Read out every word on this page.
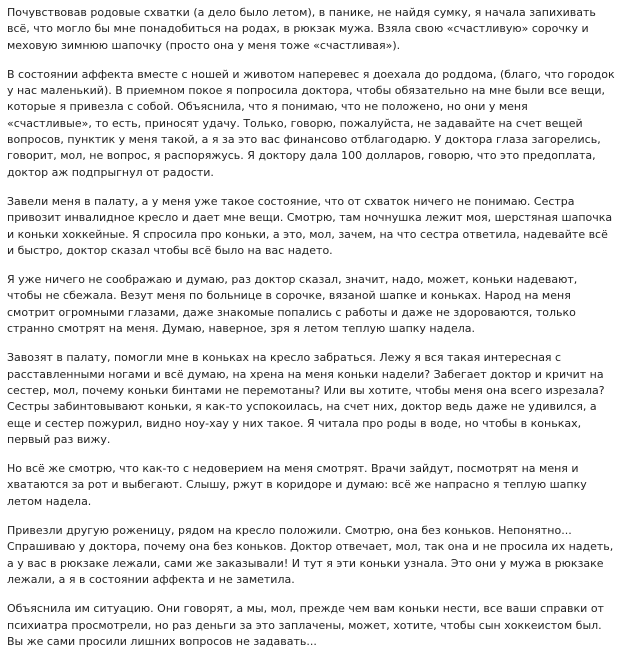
Почувствовав родовые схватки (а дело было летом), в панике, не найдя сумку, я начала запихивать всё, что могло бы мне понадобиться на родах, в рюкзак мужа. Взяла свою «счастливую» сорочку и меховую зимнюю шапочку (просто она у меня тоже «счастливая»).

В состоянии аффекта вместе с ношей и животом наперевес я доехала до роддома, (благо, что городок у нас маленький). В приемном покое я попросила доктора, чтобы обязательно на мне были все вещи, которые я привезла с собой. Объяснила, что я понимаю, что не положено, но они у меня «счастливые», то есть, приносят удачу. Только, говорю, пожалуйста, не задавайте на счет вещей вопросов, пунктик у меня такой, а я за это вас финансово отблагодарю. У доктора глаза загорелись, говорит, мол, не вопрос, я распоряжусь. Я доктору дала 100 долларов, говорю, что это предоплата, доктор аж подпрыгнул от радости.

Завели меня в палату, а у меня уже такое состояние, что от схваток ничего не понимаю. Сестра привозит инвалидное кресло и дает мне вещи. Смотрю, там ночнушка лежит моя, шерстяная шапочка и коньки хоккейные. Я спросила про коньки, а это, мол, зачем, на что сестра ответила, надевайте всё и быстро, доктор сказал чтобы всё было на вас надето.

Я уже ничего не соображаю и думаю, раз доктор сказал, значит, надо, может, коньки надевают, чтобы не сбежала. Везут меня по больнице в сорочке, вязаной шапке и коньках. Народ на меня смотрит огромными глазами, даже знакомые попались с работы и даже не здороваются, только странно смотрят на меня. Думаю, наверное, зря я летом теплую шапку надела.

Завозят в палату, помогли мне в коньках на кресло забраться. Лежу я вся такая интересная с расставленными ногами и всё думаю, на хрена на меня коньки надели? Забегает доктор и кричит на сестер, мол, почему коньки бинтами не перемотаны? Или вы хотите, чтобы меня она всего изрезала? Сестры забинтовывают коньки, я как-то успокоилась, на счет них, доктор ведь даже не удивился, а еще и сестер пожурил, видно ноу-хау у них такое. Я читала про роды в воде, но чтобы в коньках, первый раз вижу.

Но всё же смотрю, что как-то с недоверием на меня смотрят. Врачи зайдут, посмотрят на меня и хватаются за рот и выбегают. Слышу, ржут в коридоре и думаю: всё же напрасно я теплую шапку летом надела.

Привезли другую роженицу, рядом на кресло положили. Смотрю, она без коньков. Непонятно... Спрашиваю у доктора, почему она без коньков. Доктор отвечает, мол, так она и не просила их надеть, а у вас в рюкзаке лежали, сами же заказывали! И тут я эти коньки узнала. Это они у мужа в рюкзаке лежали, а я в состоянии аффекта и не заметила.

Объяснила им ситуацию. Они говорят, а мы, мол, прежде чем вам коньки нести, все ваши справки от психиатра просмотрели, но раз деньги за это заплачены, может, хотите, чтобы сын хоккеистом был. Вы же сами просили лишних вопросов не задавать...
